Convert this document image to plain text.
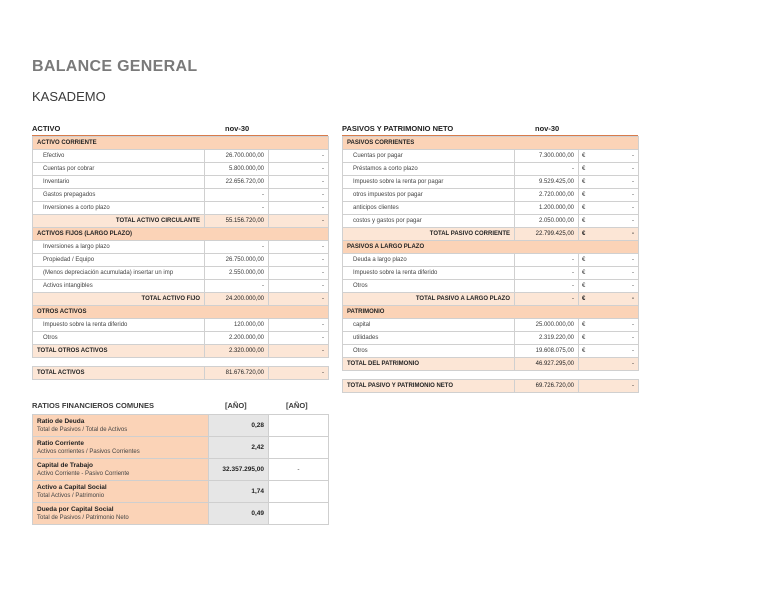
BALANCE GENERAL
KASADEMO
ACTIVO	nov-30
ACTIVO CORRIENTE		
Efectivo	26.700.000,00	-
Cuentas por cobrar	5.800.000,00	-
Inventario	22.656.720,00	-
Gastos prepagados	-	-
Inversiones a corto plazo	-	-
TOTAL ACTIVO CIRCULANTE	55.156.720,00	-
ACTIVOS FIJOS (LARGO PLAZO)		
Inversiones a largo plazo	-	-
Propiedad / Equipo	26.750.000,00	-
(Menos depreciación acumulada) insertar un imp	2.550.000,00	-
Activos intangibles	-	-
TOTAL ACTIVO FIJO	24.200.000,00	-
OTROS ACTIVOS		
Impuesto sobre la renta diferido	120.000,00	-
Otros	2.200.000,00	-
TOTAL OTROS ACTIVOS	2.320.000,00	-

TOTAL ACTIVOS	81.676.720,00	-
PASIVOS Y PATRIMONIO NETO	nov-30
PASIVOS CORRIENTES		
Cuentas por pagar	7.300.000,00	€ -

Préstamos a corto plazo	-	€ -

Impuesto sobre la renta por pagar	9.529.425,00	€ -

otros impuestos por pagar	2.720.000,00	€ -

anticipos clientes	1.200.000,00	€ -

costos y gastos por pagar	2.050.000,00	€ -

TOTAL PASIVO CORRIENTE	22.799.425,00	€ -

PASIVOS A LARGO PLAZO		
Deuda a largo plazo	-	€ -

Impuesto sobre la renta diferido	-	€ -

Otros	-	€ -

TOTAL PASIVO A LARGO PLAZO	-	€ -

PATRIMONIO		
capital	25.000.000,00	€ -

utilidades	2.319.220,00	€ -

Otros	19.608.075,00	€ -

TOTAL DEL PATRIMONIO	46.927.295,00	-

TOTAL PASIVO Y PATRIMONIO NETO	69.726.720,00	-
RATIOS FINANCIEROS COMUNES	[AÑO]	[AÑO]
Ratio de Deuda
Total de Pasivos / Total de Activos	0,28	

Ratio Corriente
Activos corrientes / Pasivos Corrientes	2,42	

Capital de Trabajo
Activo Corriente - Pasivo Corriente	32.357.295,00	-

Activo a Capital Social
Total Activos / Patrimonio	1,74	

Dueda por Capital Social
Total de Pasivos / Patrimonio Neto	0,49	
